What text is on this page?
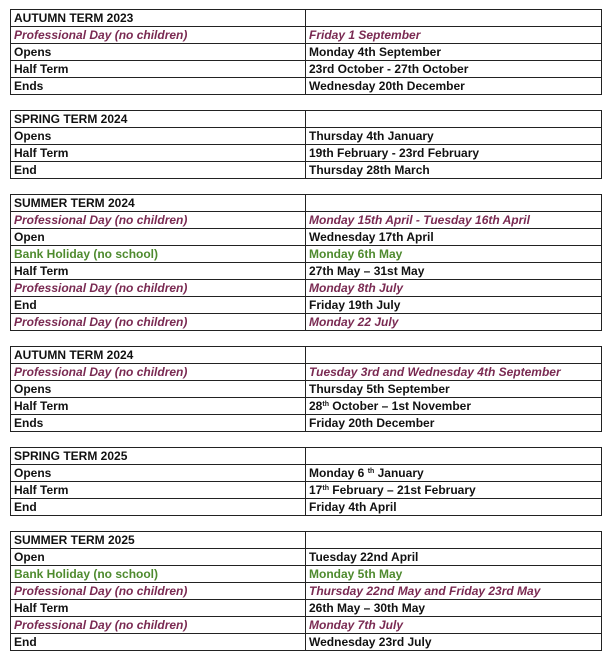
AUTUMN TERM 2023	
Professional Day (no children)	Friday 1 September
Opens	Monday 4th September
Half Term	23rd October - 27th October
Ends	Wednesday 20th December
SPRING TERM 2024	
Opens	Thursday 4th January
Half Term	19th February - 23rd February
End	Thursday 28th March
SUMMER TERM 2024	
Professional Day (no children)	Monday 15th April - Tuesday 16th April
Open	Wednesday 17th April
Bank Holiday (no school)	Monday 6th May
Half Term	27th May – 31st May
Professional Day (no children)	Monday 8th July
End	Friday 19th July
Professional Day (no children)	Monday 22 July
AUTUMN TERM 2024	
Professional Day (no children)	Tuesday 3rd and Wednesday 4th September
Opens	Thursday 5th September
Half Term	28th October – 1st November
Ends	Friday 20th December
SPRING TERM 2025	
Opens	Monday 6 $^{th}$ January
Half Term	17th February – 21st February
End	Friday 4th April
SUMMER TERM 2025	
Open	Tuesday 22nd April
Bank Holiday (no school)	Monday 5th May
Professional Day (no children)	Thursday 22nd May and Friday 23rd May
Half Term	26th May – 30th May
Professional Day (no children)	Monday 7th July
End	Wednesday 23rd July
